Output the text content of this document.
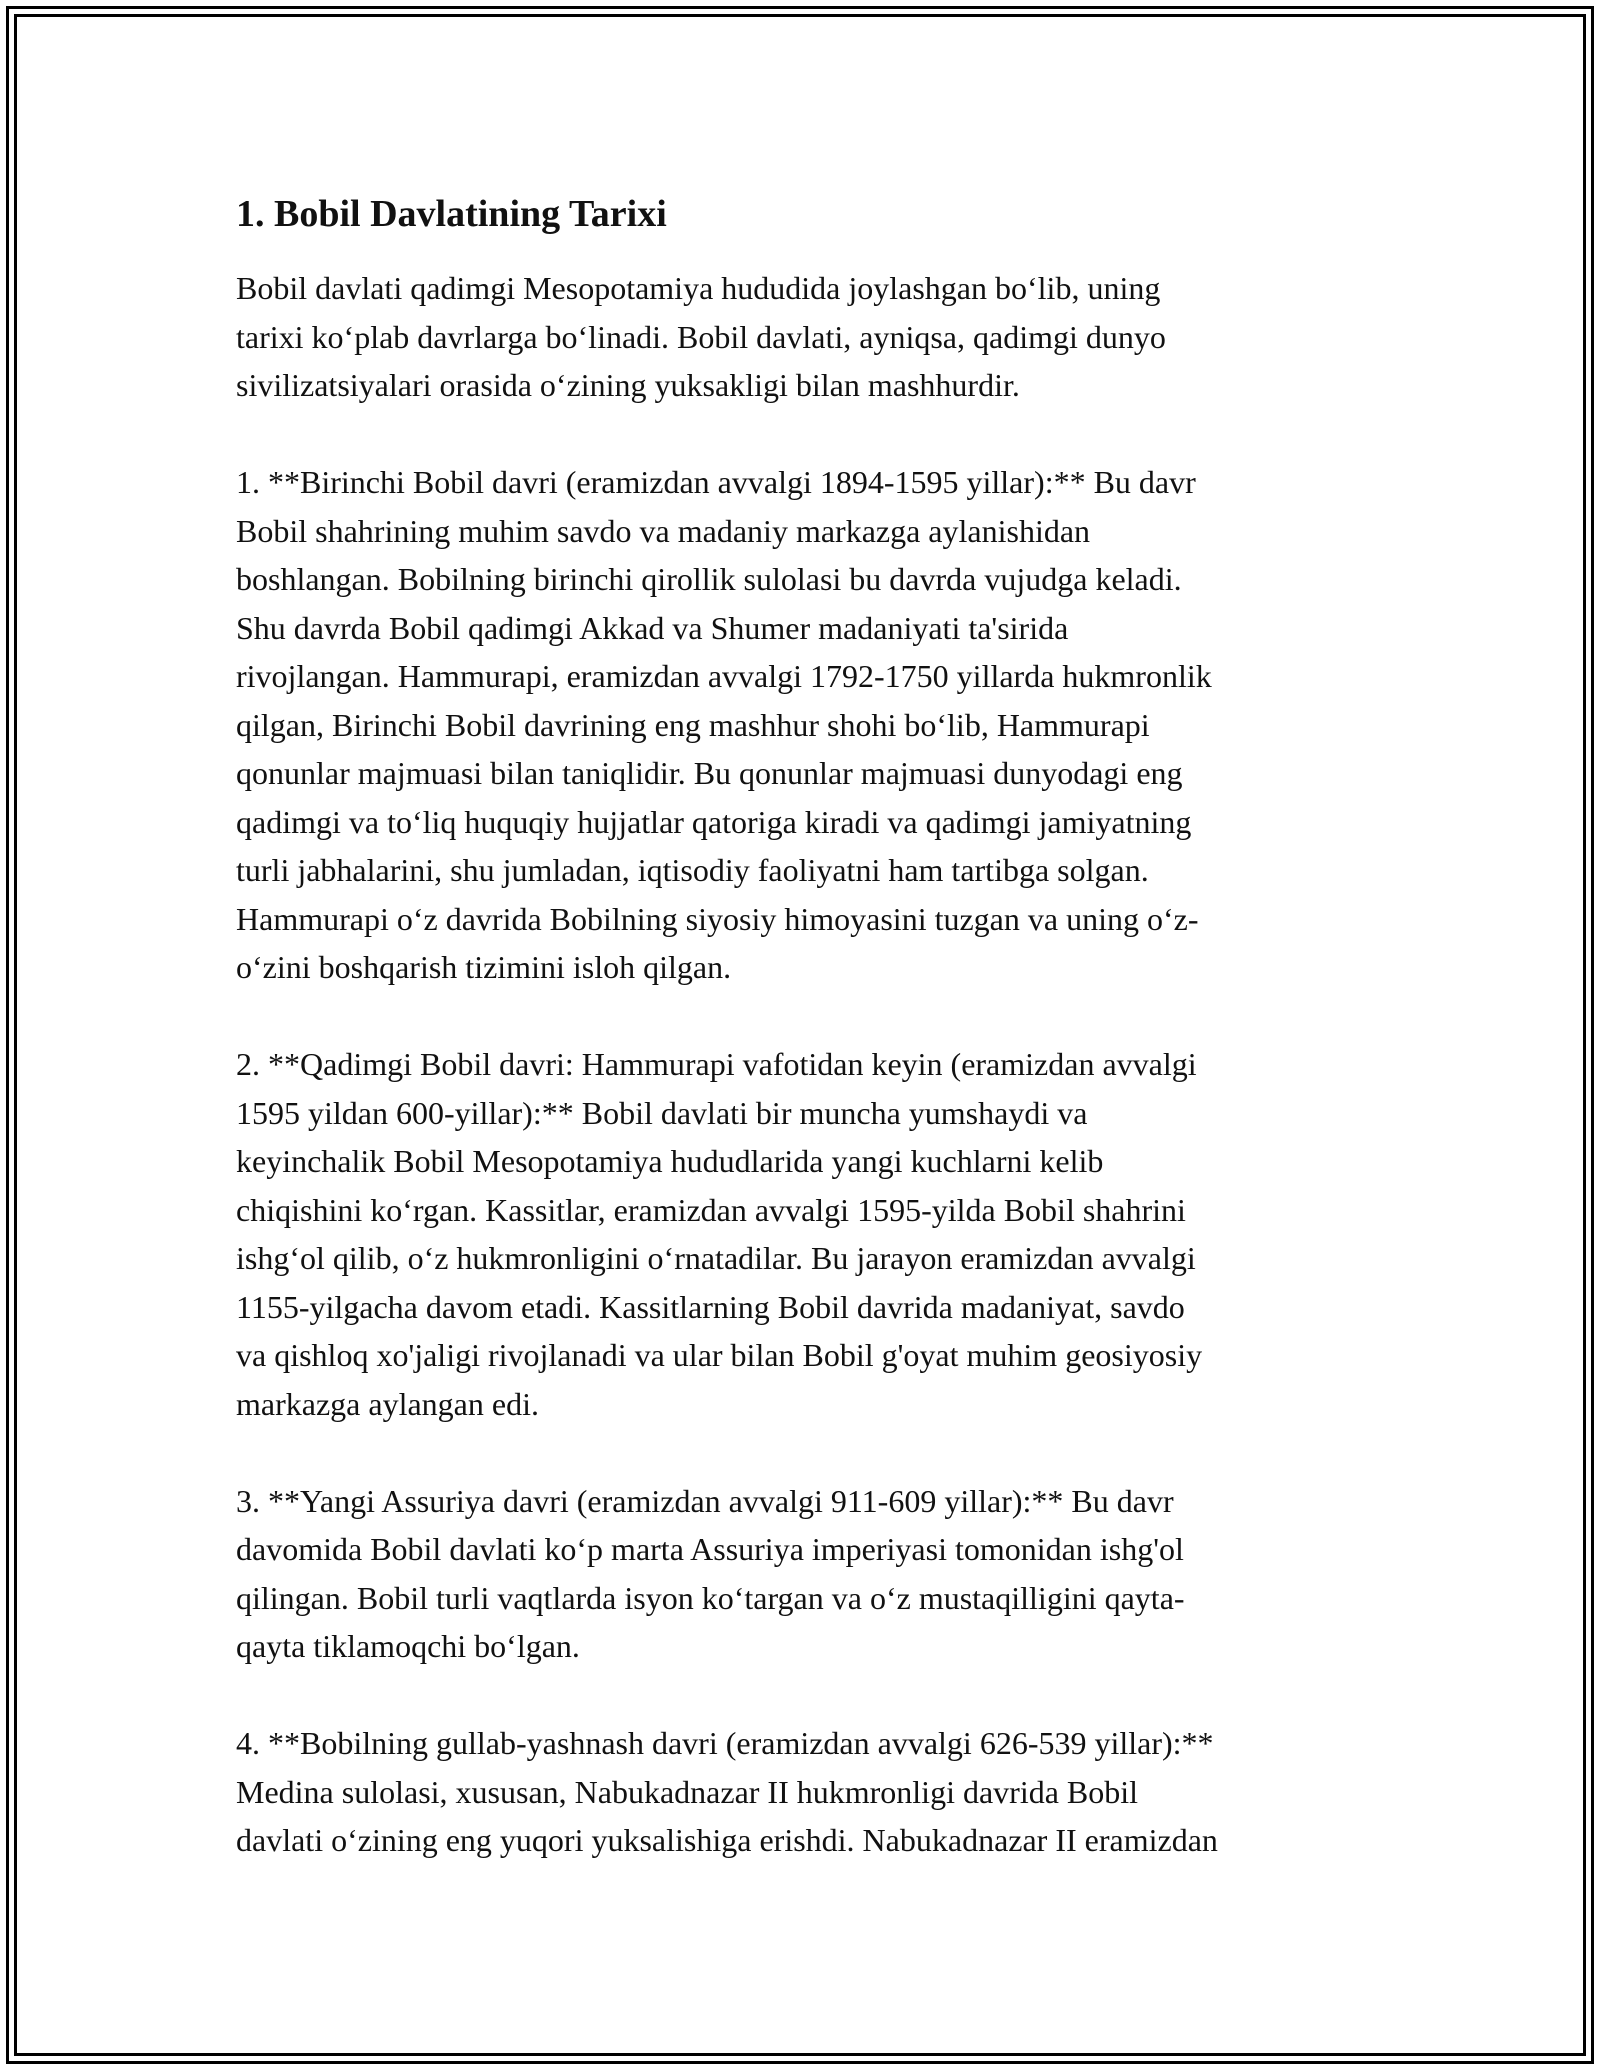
1. Bobil Davlatining Tarixi

Bobil davlati qadimgi Mesopotamiya hududida joylashgan bo‘lib, uning
tarixi ko‘plab davrlarga bo‘linadi. Bobil davlati, ayniqsa, qadimgi dunyo
sivilizatsiyalari orasida o‘zining yuksakligi bilan mashhurdir.

1. **Birinchi Bobil davri (eramizdan avvalgi 1894-1595 yillar):** Bu davr
Bobil shahrining muhim savdo va madaniy markazga aylanishidan
boshlangan. Bobilning birinchi qirollik sulolasi bu davrda vujudga keladi.
Shu davrda Bobil qadimgi Akkad va Shumer madaniyati ta'sirida
rivojlangan. Hammurapi, eramizdan avvalgi 1792-1750 yillarda hukmronlik
qilgan, Birinchi Bobil davrining eng mashhur shohi bo‘lib, Hammurapi
qonunlar majmuasi bilan taniqlidir. Bu qonunlar majmuasi dunyodagi eng
qadimgi va to‘liq huquqiy hujjatlar qatoriga kiradi va qadimgi jamiyatning
turli jabhalarini, shu jumladan, iqtisodiy faoliyatni ham tartibga solgan.
Hammurapi o‘z davrida Bobilning siyosiy himoyasini tuzgan va uning o‘z-
o‘zini boshqarish tizimini isloh qilgan.

2. **Qadimgi Bobil davri: Hammurapi vafotidan keyin (eramizdan avvalgi
1595 yildan 600-yillar):** Bobil davlati bir muncha yumshaydi va
keyinchalik Bobil Mesopotamiya hududlarida yangi kuchlarni kelib
chiqishini ko‘rgan. Kassitlar, eramizdan avvalgi 1595-yilda Bobil shahrini
ishg‘ol qilib, o‘z hukmronligini o‘rnatadilar. Bu jarayon eramizdan avvalgi
1155-yilgacha davom etadi. Kassitlarning Bobil davrida madaniyat, savdo
va qishloq xo'jaligi rivojlanadi va ular bilan Bobil g'oyat muhim geosiyosiy
markazga aylangan edi.

3. **Yangi Assuriya davri (eramizdan avvalgi 911-609 yillar):** Bu davr
davomida Bobil davlati ko‘p marta Assuriya imperiyasi tomonidan ishg'ol
qilingan. Bobil turli vaqtlarda isyon ko‘targan va o‘z mustaqilligini qayta-
qayta tiklamoqchi bo‘lgan.

4. **Bobilning gullab-yashnash davri (eramizdan avvalgi 626-539 yillar):**
Medina sulolasi, xususan, Nabukadnazar II hukmronligi davrida Bobil
davlati o‘zining eng yuqori yuksalishiga erishdi. Nabukadnazar II eramizdan
